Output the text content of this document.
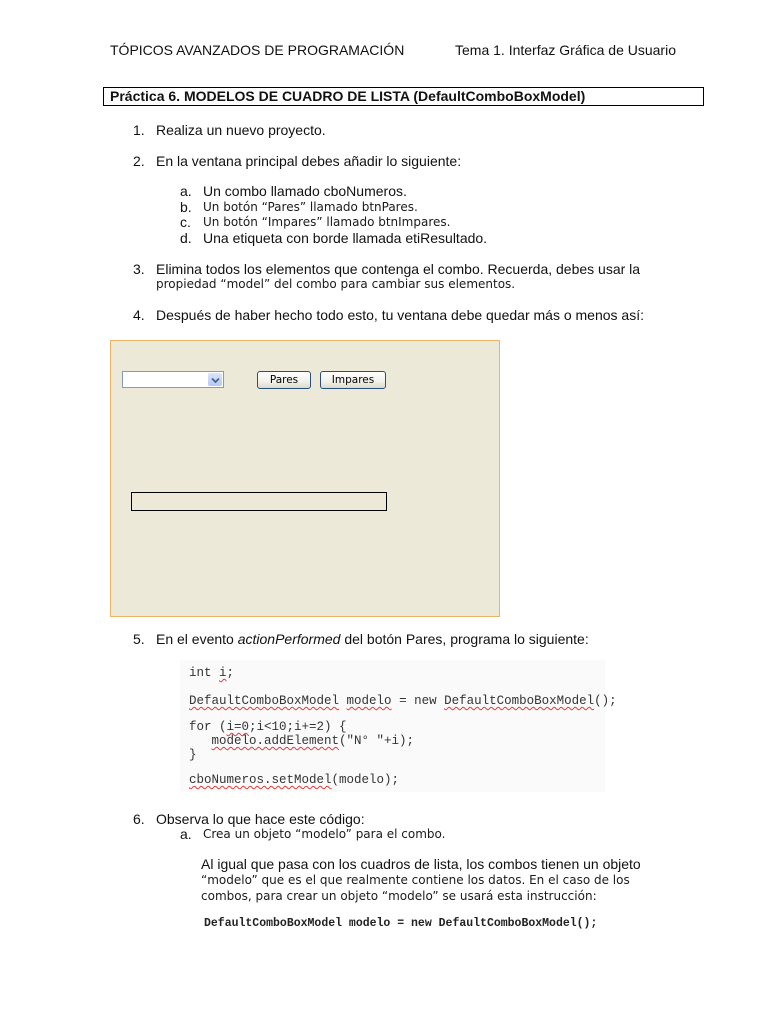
TÓPICOS AVANZADOS DE PROGRAMACIÓN	Tema 1. Interfaz Gráfica de Usuario
Práctica 6. MODELOS DE CUADRO DE LISTA (DefaultComboBoxModel)
1. Realiza un nuevo proyecto.
2. En la ventana principal debes añadir lo siguiente:
a. Un combo llamado cboNumeros.
b. Un botón “Pares” llamado btnPares.
c. Un botón “Impares” llamado btnImpares.
d. Una etiqueta con borde llamada etiResultado.
3. Elimina todos los elementos que contenga el combo. Recuerda, debes usar la
propiedad “model” del combo para cambiar sus elementos.
4. Después de haber hecho todo esto, tu ventana debe quedar más o menos así:
Pares	Impares
5. En el evento actionPerformed del botón Pares, programa lo siguiente:
int i;
DefaultComboBoxModel modelo = new DefaultComboBoxModel();
for (i=0;i<10;i+=2) {
modelo.addElement("N° "+i);
}
cboNumeros.setModel(modelo);
6. Observa lo que hace este código:
a. Crea un objeto “modelo” para el combo.
Al igual que pasa con los cuadros de lista, los combos tienen un objeto
“modelo” que es el que realmente contiene los datos. En el caso de los
combos, para crear un objeto “modelo” se usará esta instrucción:
DefaultComboBoxModel modelo = new DefaultComboBoxModel();
